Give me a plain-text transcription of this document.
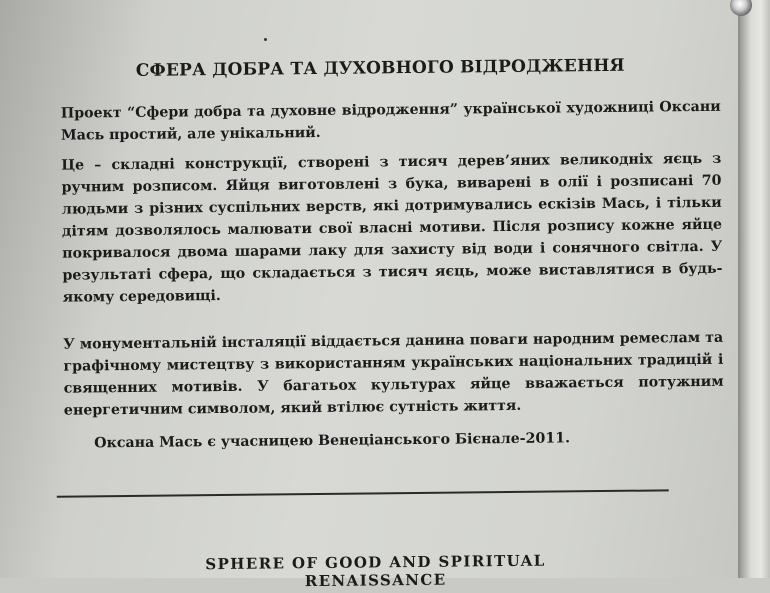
СФЕРА ДОБРА ТА ДУХОВНОГО ВІДРОДЖЕННЯ

Проект “Сфери добра та духовне відродження” української художниці Оксани Мась простий, але унікальний.

Це – складні конструкції, створені з тисяч дерев’яних великодніх яєць з ручним розписом. Яйця виготовлені з бука, виварені в олії і розписані 70 людьми з різних суспільних верств, які дотримувались ескізів Мась, і тільки дітям дозволялось малювати свої власні мотиви. Після розпису кожне яйце покривалося двома шарами лаку для захисту від води і сонячного світла. У результаті сфера, що складається з тисяч яєць, може виставлятися в будь-якому середовищі.

У монументальній інсталяції віддається данина поваги народним ремеслам та графічному мистецтву з використанням українських національних традицій і священних мотивів. У багатьох культурах яйце вважається потужним енергетичним символом, який втілює сутність життя.

Оксана Мась є учасницею Венеціанського Бієнале-2011.

SPHERE OF GOOD AND SPIRITUAL RENAISSANCE
